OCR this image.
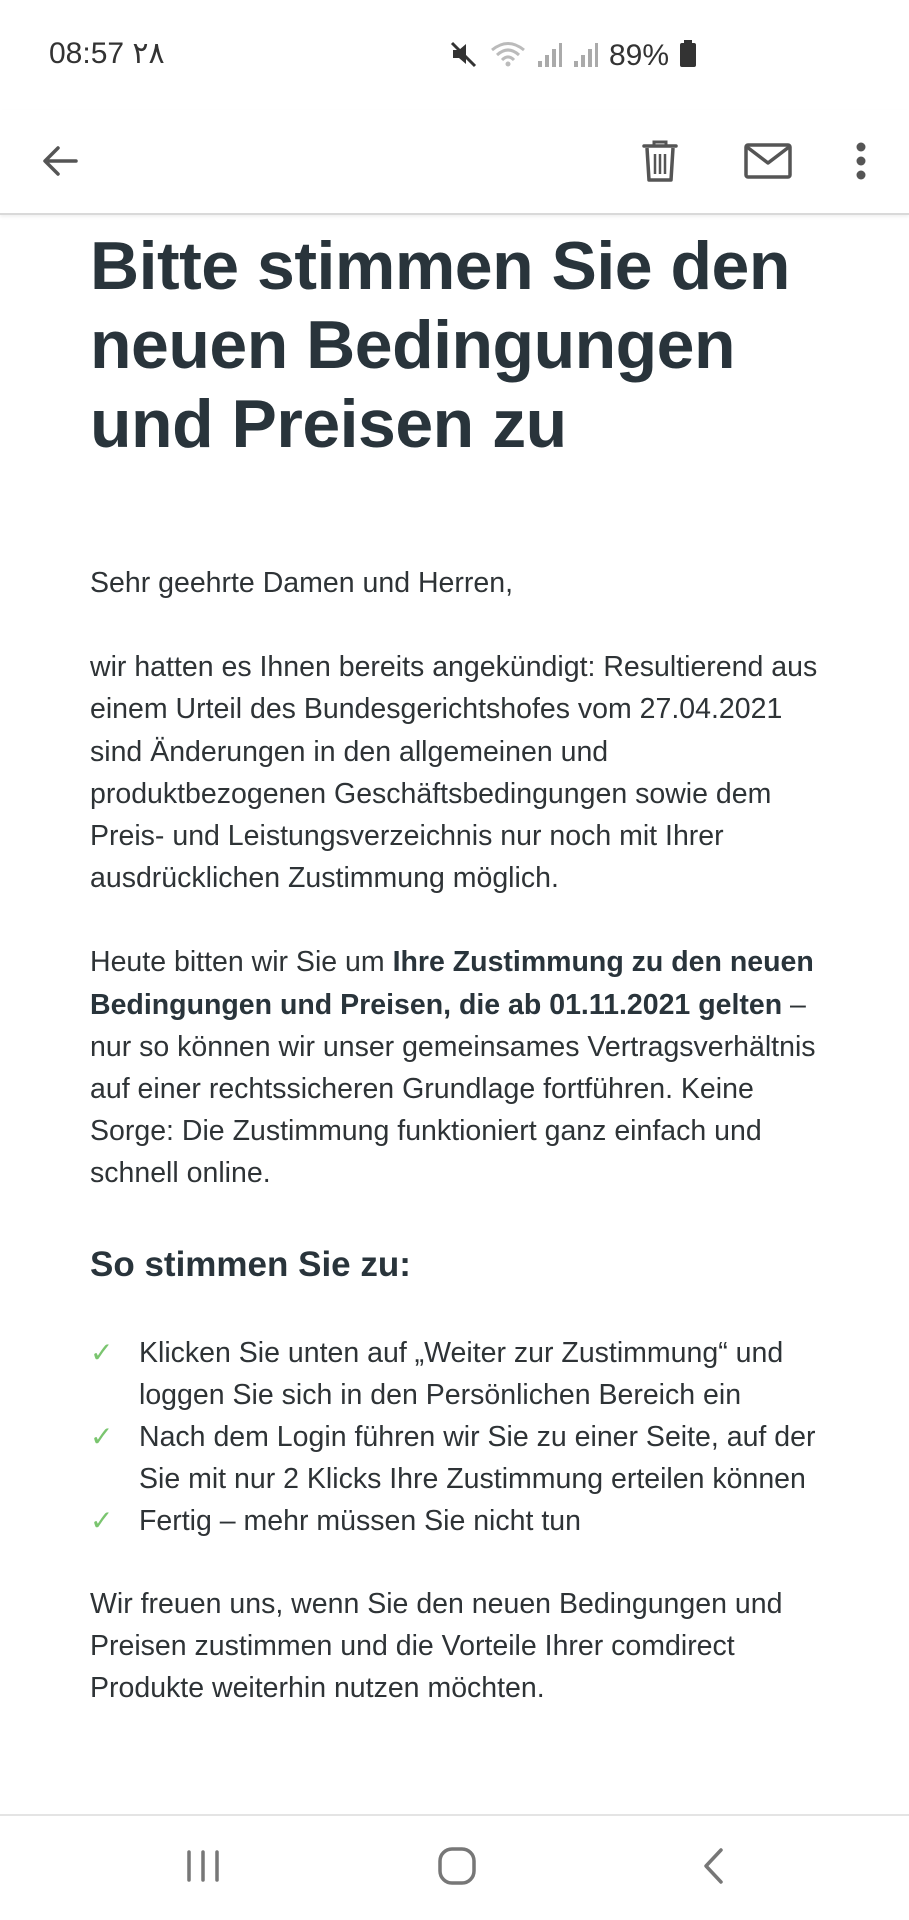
08:57 ٢٨	89%
Bitte stimmen Sie den neuen Bedingungen und Preisen zu

Sehr geehrte Damen und Herren,

wir hatten es Ihnen bereits angekündigt: Resultierend aus einem Urteil des Bundesgerichtshofes vom 27.04.2021 sind Änderungen in den allgemeinen und produktbezogenen Geschäftsbedingungen sowie dem Preis- und Leistungsverzeichnis nur noch mit Ihrer ausdrücklichen Zustimmung möglich.

Heute bitten wir Sie um Ihre Zustimmung zu den neuen Bedingungen und Preisen, die ab 01.11.2021 gelten – nur so können wir unser gemeinsames Vertragsverhältnis auf einer rechtssicheren Grundlage fortführen. Keine Sorge: Die Zustimmung funktioniert ganz einfach und schnell online.

So stimmen Sie zu:
✓ Klicken Sie unten auf „Weiter zur Zustimmung“ und loggen Sie sich in den Persönlichen Bereich ein
✓ Nach dem Login führen wir Sie zu einer Seite, auf der Sie mit nur 2 Klicks Ihre Zustimmung erteilen können
✓ Fertig – mehr müssen Sie nicht tun

Wir freuen uns, wenn Sie den neuen Bedingungen und Preisen zustimmen und die Vorteile Ihrer comdirect Produkte weiterhin nutzen möchten.
